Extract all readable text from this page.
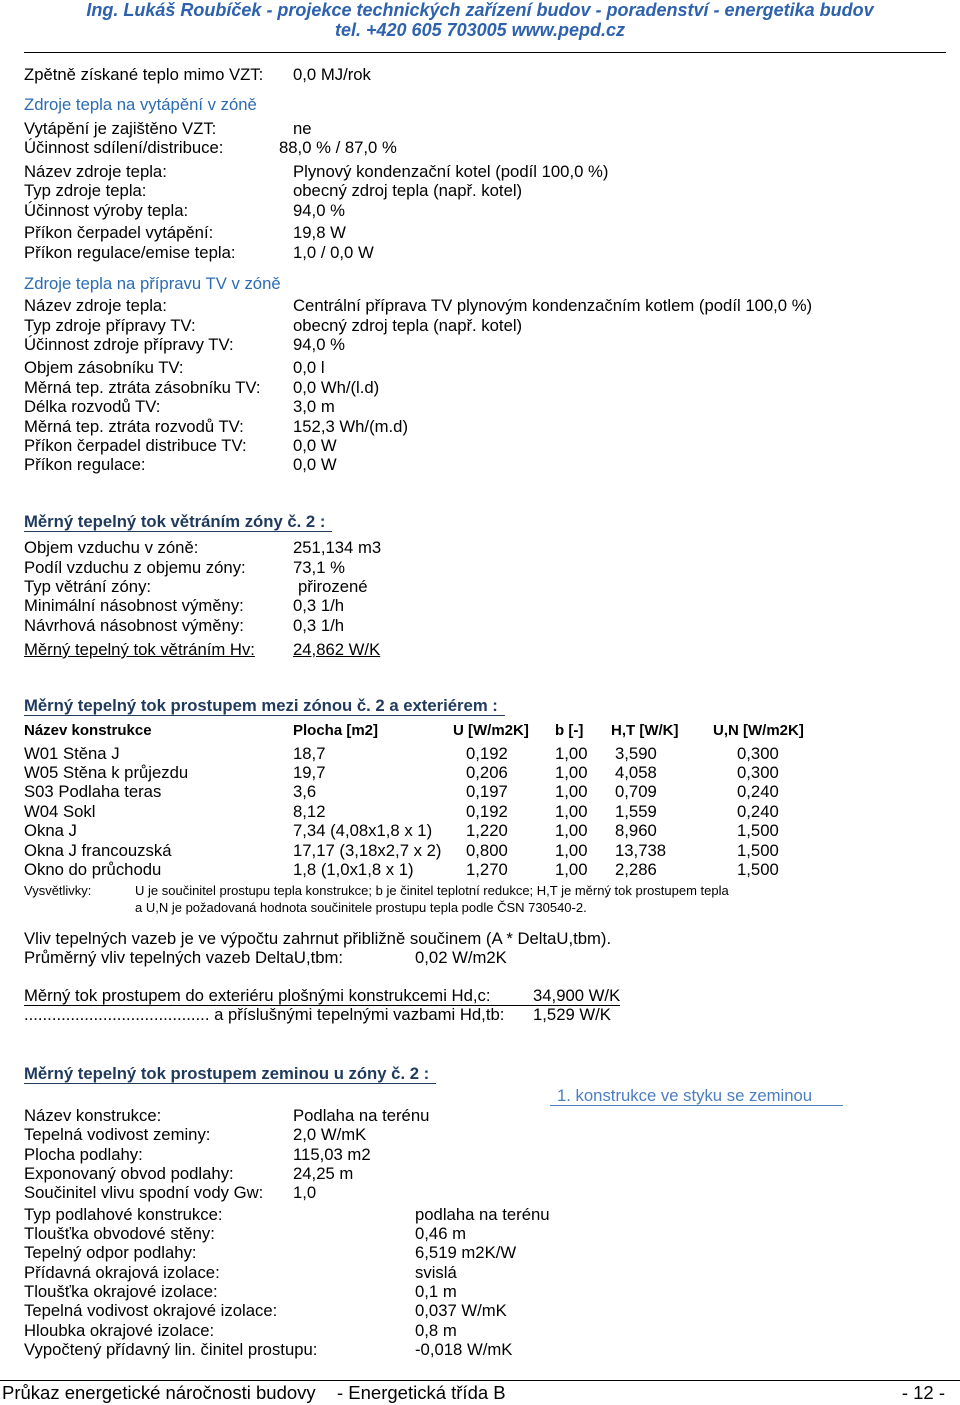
Ing. Lukáš Roubíček - projekce technických zařízení budov - poradenství - energetika budov
tel. +420 605 703005 www.pepd.cz
Zpětně získané teplo mimo VZT: 0,0 MJ/rok
Zdroje tepla na vytápění v zóně
Vytápění je zajištěno VZT:	ne
Účinnost sdílení/distribuce:	88,0 % / 87,0 %
Název zdroje tepla:	Plynový kondenzační kotel (podíl 100,0 %)
Typ zdroje tepla:	obecný zdroj tepla (např. kotel)
Účinnost výroby tepla:	94,0 %
Příkon čerpadel vytápění:	19,8 W
Příkon regulace/emise tepla:	1,0 / 0,0 W
Zdroje tepla na přípravu TV v zóně
Název zdroje tepla:	Centrální příprava TV plynovým kondenzačním kotlem (podíl 100,0 %)
Typ zdroje přípravy TV:	obecný zdroj tepla (např. kotel)
Účinnost zdroje přípravy TV:	94,0 %
Objem zásobníku TV:	0,0 l
Měrná tep. ztráta zásobníku TV: 0,0 Wh/(l.d)
Délka rozvodů TV:	3,0 m
Měrná tep. ztráta rozvodů TV:	152,3 Wh/(m.d)
Příkon čerpadel distribuce TV:	0,0 W
Příkon regulace:	0,0 W
Měrný tepelný tok větráním zóny č. 2 :
Objem vzduchu v zóně:	251,134 m3
Podíl vzduchu z objemu zóny:	73,1 %
Typ větrání zóny:	přirozené
Minimální násobnost výměny:	0,3 1/h
Návrhová násobnost výměny:	0,3 1/h
Měrný tepelný tok větráním Hv: 24,862 W/K
Měrný tepelný tok prostupem mezi zónou č. 2 a exteriérem :
Název konstrukce	Plocha [m2]	U [W/m2K] b [-] H,T [W/K] U,N [W/m2K]
W01 Stěna J	18,7	0,192	1,00 3,590	0,300
W05 Stěna k průjezdu	19,7	0,206	1,00 4,058	0,300
S03 Podlaha teras	3,6	0,197	1,00 0,709	0,240
W04 Sokl	8,12	0,192	1,00 1,559	0,240
Okna J	7,34 (4,08x1,8 x 1) 1,220	1,00 8,960	1,500
Okna J francouzská	17,17 (3,18x2,7 x 2) 0,800	1,00 13,738	1,500
Okno do průchodu	1,8 (1,0x1,8 x 1)	1,270	1,00 2,286	1,500
Vysvětlivky:	U je součinitel prostupu tepla konstrukce; b je činitel teplotní redukce; H,T je měrný tok prostupem tepla
a U,N je požadovaná hodnota součinitele prostupu tepla podle ČSN 730540-2.
Vliv tepelných vazeb je ve výpočtu zahrnut přibližně součinem (A * DeltaU,tbm).
Průměrný vliv tepelných vazeb DeltaU,tbm:	0,02 W/m2K
Měrný tok prostupem do exteriéru plošnými konstrukcemi Hd,c:	34,900 W/K
........................................ a příslušnými tepelnými vazbami Hd,tb: 1,529 W/K
Měrný tepelný tok prostupem zeminou u zóny č. 2 :
1. konstrukce ve styku se zeminou
Název konstrukce:	Podlaha na terénu
Tepelná vodivost zeminy:	2,0 W/mK
Plocha podlahy:	115,03 m2
Exponovaný obvod podlahy:	24,25 m
Součinitel vlivu spodní vody Gw: 1,0
Typ podlahové konstrukce:	podlaha na terénu
Tloušťka obvodové stěny:	0,46 m
Tepelný odpor podlahy:	6,519 m2K/W
Přídavná okrajová izolace:	svislá
Tloušťka okrajové izolace:	0,1 m
Tepelná vodivost okrajové izolace:	0,037 W/mK
Hloubka okrajové izolace:	0,8 m
Vypočtený přídavný lin. činitel prostupu:	-0,018 W/mK
Průkaz energetické náročnosti budovy - Energetická třída B	- 12 -
